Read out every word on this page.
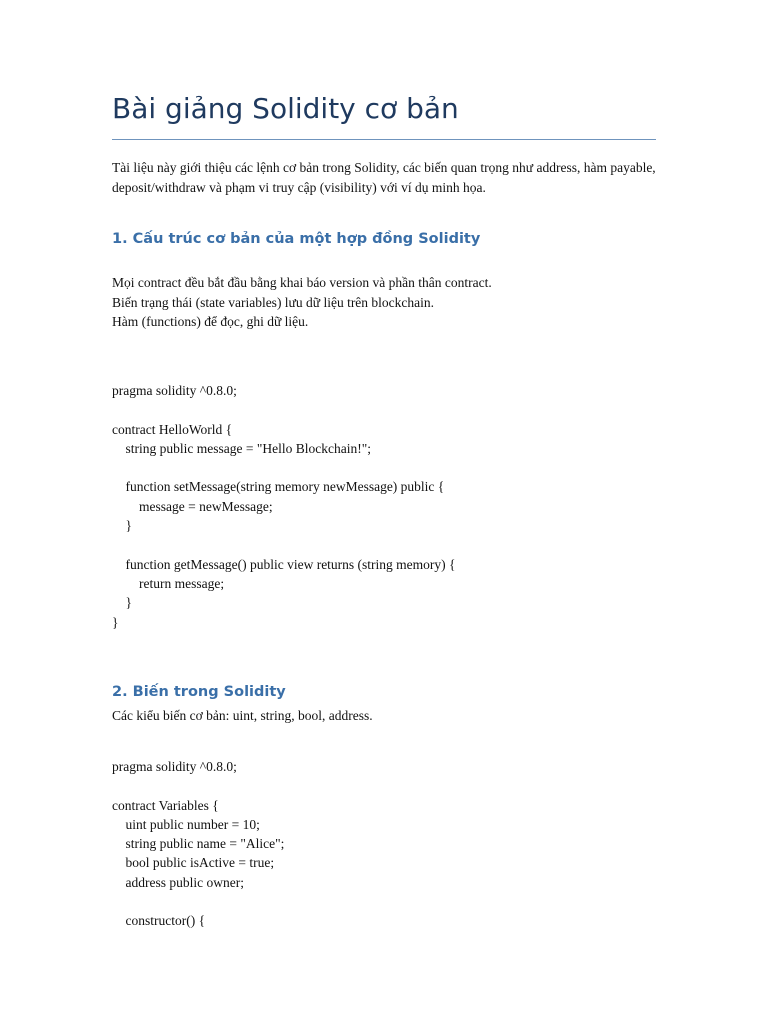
Bài giảng Solidity cơ bản

Tài liệu này giới thiệu các lệnh cơ bản trong Solidity, các biến quan trọng như address, hàm payable, deposit/withdraw và phạm vi truy cập (visibility) với ví dụ minh họa.

1. Cấu trúc cơ bản của một hợp đồng Solidity
Mọi contract đều bắt đầu bằng khai báo version và phần thân contract.
Biến trạng thái (state variables) lưu dữ liệu trên blockchain.
Hàm (functions) để đọc, ghi dữ liệu.
pragma solidity ^0.8.0;

contract HelloWorld {
string public message = "Hello Blockchain!";

function setMessage(string memory newMessage) public {
message = newMessage;
}

function getMessage() public view returns (string memory) {
return message;
}
}
2. Biến trong Solidity

Các kiểu biến cơ bản: uint, string, bool, address.

pragma solidity ^0.8.0;

contract Variables {
uint public number = 10;
string public name = "Alice";
bool public isActive = true;
address public owner;

constructor() {
